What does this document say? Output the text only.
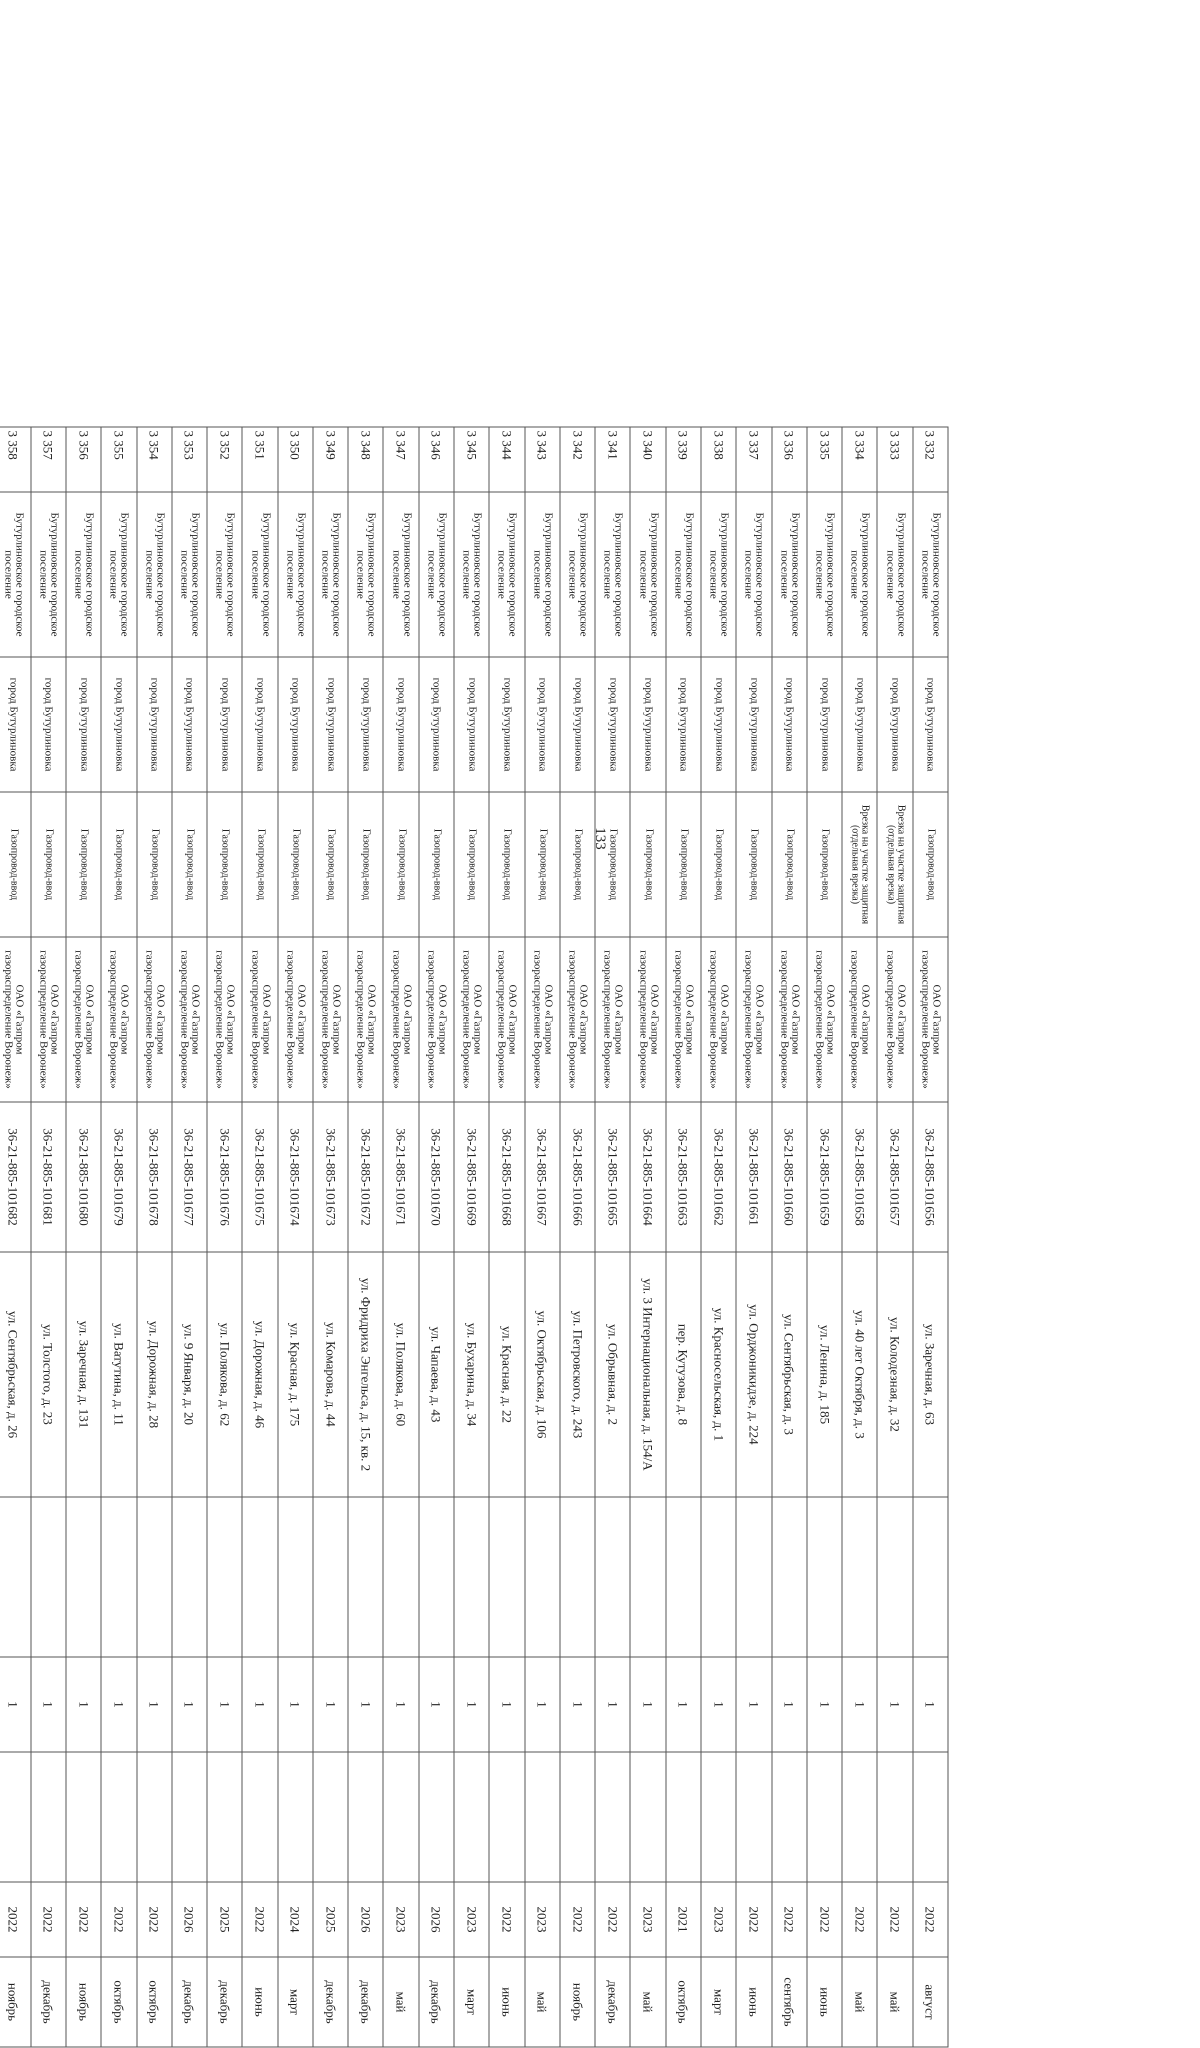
133
3 332	Бутурлиновское городское поселение	город Бутурлиновка	Газопровод-ввод	ОАО «Газпром газораспределение Воронеж»	36-21-885-101656	ул. Заречная, д. 63		1		2022	август
3 333	Бутурлиновское городское поселение	город Бутурлиновка	Врезка на участке защитная (отдельная врезка)	ОАО «Газпром газораспределение Воронеж»	36-21-885-101657	ул. Колодезная, д. 32		1		2022	май
3 334	Бутурлиновское городское поселение	город Бутурлиновка	Врезка на участке защитная (отдельная врезка)	ОАО «Газпром газораспределение Воронеж»	36-21-885-101658	ул. 40 лет Октября, д. 3		1		2022	май
3 335	Бутурлиновское городское поселение	город Бутурлиновка	Газопровод-ввод	ОАО «Газпром газораспределение Воронеж»	36-21-885-101659	ул. Ленина, д. 185		1		2022	июнь
3 336	Бутурлиновское городское поселение	город Бутурлиновка	Газопровод-ввод	ОАО «Газпром газораспределение Воронеж»	36-21-885-101660	ул. Сентябрьская, д. 3		1		2022	сентябрь
3 337	Бутурлиновское городское поселение	город Бутурлиновка	Газопровод-ввод	ОАО «Газпром газораспределение Воронеж»	36-21-885-101661	ул. Орджоникидзе, д. 224		1		2022	июнь
3 338	Бутурлиновское городское поселение	город Бутурлиновка	Газопровод-ввод	ОАО «Газпром газораспределение Воронеж»	36-21-885-101662	ул. Красносельская, д. 1		1		2023	март
3 339	Бутурлиновское городское поселение	город Бутурлиновка	Газопровод-ввод	ОАО «Газпром газораспределение Воронеж»	36-21-885-101663	пер. Кутузова, д. 8		1		2021	октябрь
3 340	Бутурлиновское городское поселение	город Бутурлиновка	Газопровод-ввод	ОАО «Газпром газораспределение Воронеж»	36-21-885-101664	ул. 3 Интернациональная, д. 154/А		1		2023	май
3 341	Бутурлиновское городское поселение	город Бутурлиновка	Газопровод-ввод	ОАО «Газпром газораспределение Воронеж»	36-21-885-101665	ул. Обрывная, д. 2		1		2022	декабрь
3 342	Бутурлиновское городское поселение	город Бутурлиновка	Газопровод-ввод	ОАО «Газпром газораспределение Воронеж»	36-21-885-101666	ул. Петровского, д. 243		1		2022	ноябрь
3 343	Бутурлиновское городское поселение	город Бутурлиновка	Газопровод-ввод	ОАО «Газпром газораспределение Воронеж»	36-21-885-101667	ул. Октябрьская, д. 106		1		2023	май
3 344	Бутурлиновское городское поселение	город Бутурлиновка	Газопровод-ввод	ОАО «Газпром газораспределение Воронеж»	36-21-885-101668	ул. Красная, д. 22		1		2022	июнь
3 345	Бутурлиновское городское поселение	город Бутурлиновка	Газопровод-ввод	ОАО «Газпром газораспределение Воронеж»	36-21-885-101669	ул. Бухарина, д. 34		1		2023	март
3 346	Бутурлиновское городское поселение	город Бутурлиновка	Газопровод-ввод	ОАО «Газпром газораспределение Воронеж»	36-21-885-101670	ул. Чапаева, д. 43		1		2026	декабрь
3 347	Бутурлиновское городское поселение	город Бутурлиновка	Газопровод-ввод	ОАО «Газпром газораспределение Воронеж»	36-21-885-101671	ул. Полякова, д. 60		1		2023	май
3 348	Бутурлиновское городское поселение	город Бутурлиновка	Газопровод-ввод	ОАО «Газпром газораспределение Воронеж»	36-21-885-101672	ул. Фридриха Энгельса, д. 15, кв. 2		1		2026	декабрь
3 349	Бутурлиновское городское поселение	город Бутурлиновка	Газопровод-ввод	ОАО «Газпром газораспределение Воронеж»	36-21-885-101673	ул. Комарова, д. 44		1		2025	декабрь
3 350	Бутурлиновское городское поселение	город Бутурлиновка	Газопровод-ввод	ОАО «Газпром газораспределение Воронеж»	36-21-885-101674	ул. Красная, д. 175		1		2024	март
3 351	Бутурлиновское городское поселение	город Бутурлиновка	Газопровод-ввод	ОАО «Газпром газораспределение Воронеж»	36-21-885-101675	ул. Дорожная, д. 46		1		2022	июнь
3 352	Бутурлиновское городское поселение	город Бутурлиновка	Газопровод-ввод	ОАО «Газпром газораспределение Воронеж»	36-21-885-101676	ул. Полякова, д. 62		1		2025	декабрь
3 353	Бутурлиновское городское поселение	город Бутурлиновка	Газопровод-ввод	ОАО «Газпром газораспределение Воронеж»	36-21-885-101677	ул. 9 Января, д. 20		1		2026	декабрь
3 354	Бутурлиновское городское поселение	город Бутурлиновка	Газопровод-ввод	ОАО «Газпром газораспределение Воронеж»	36-21-885-101678	ул. Дорожная, д. 28		1		2022	октябрь
3 355	Бутурлиновское городское поселение	город Бутурлиновка	Газопровод-ввод	ОАО «Газпром газораспределение Воронеж»	36-21-885-101679	ул. Ватутина, д. 11		1		2022	октябрь
3 356	Бутурлиновское городское поселение	город Бутурлиновка	Газопровод-ввод	ОАО «Газпром газораспределение Воронеж»	36-21-885-101680	ул. Заречная, д. 131		1		2022	ноябрь
3 357	Бутурлиновское городское поселение	город Бутурлиновка	Газопровод-ввод	ОАО «Газпром газораспределение Воронеж»	36-21-885-101681	ул. Толстого, д. 23		1		2022	декабрь
3 358	Бутурлиновское городское поселение	город Бутурлиновка	Газопровод-ввод	ОАО «Газпром газораспределение Воронеж»	36-21-885-101682	ул. Сентябрьская, д. 26		1		2022	ноябрь
